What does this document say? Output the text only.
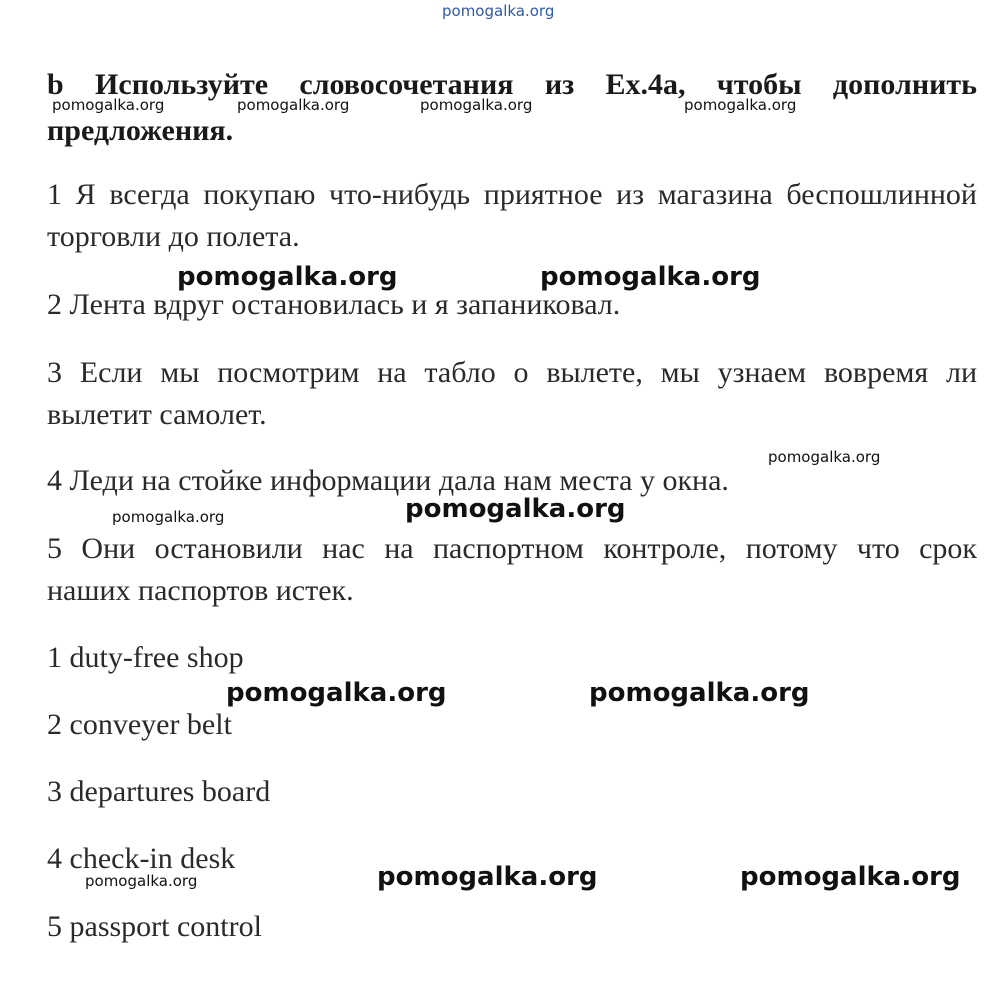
pomogalka.org
b Используйте словосочетания из Ex.4a, чтобы дополнить
предложения.
pomogalka.org	pomogalka.org	pomogalka.org	pomogalka.org
1 Я всегда покупаю что-нибудь приятное из магазина беспошлинной
торговли до полета.
pomogalka.org	pomogalka.org
2 Лента вдруг остановилась и я запаниковал.
3 Если мы посмотрим на табло о вылете, мы узнаем вовремя ли
вылетит самолет.
pomogalka.org
4 Леди на стойке информации дала нам места у окна.
pomogalka.org	pomogalka.org
5 Они остановили нас на паспортном контроле, потому что срок
наших паспортов истек.
1 duty-free shop
pomogalka.org	pomogalka.org
2 conveyer belt
3 departures board
4 check-in desk
pomogalka.org	pomogalka.org	pomogalka.org
5 passport control
